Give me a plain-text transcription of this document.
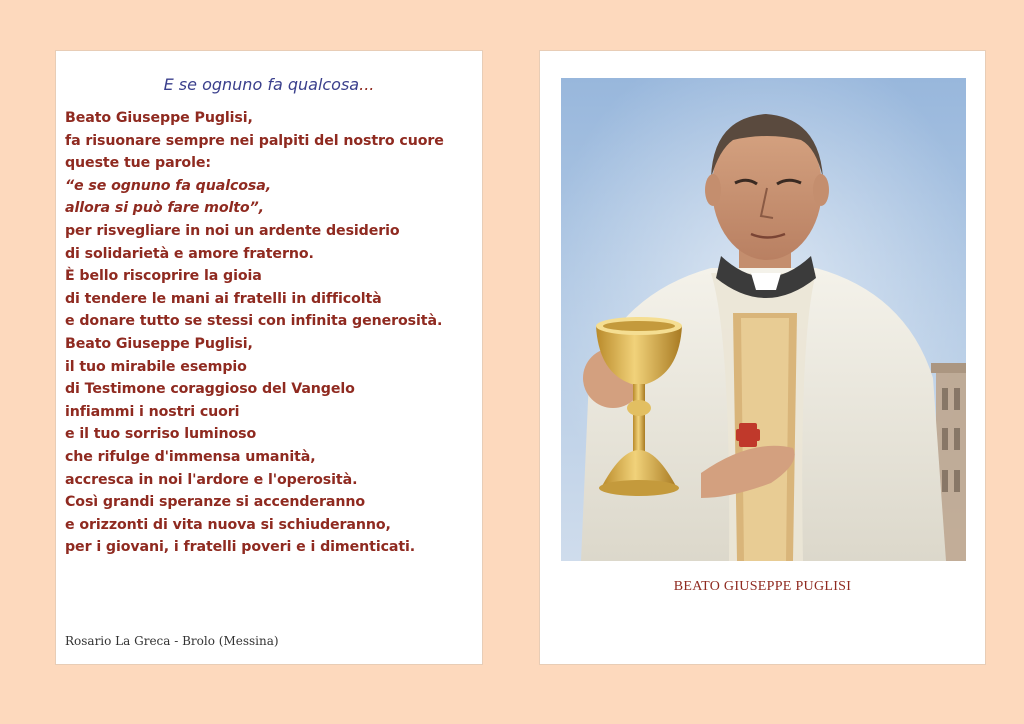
E se ognuno fa qualcosa...
Beato Giuseppe Puglisi,
fa risuonare sempre nei palpiti del nostro cuore
queste tue parole:
“e se ognuno fa qualcosa,
allora si può fare molto”,
per risvegliare in noi un ardente desiderio
di solidarietà e amore fraterno.
È bello riscoprire la gioia
di tendere le mani ai fratelli in difficoltà
e donare tutto se stessi con infinita generosità.
Beato Giuseppe Puglisi,
il tuo mirabile esempio
di Testimone coraggioso del Vangelo
infiammi i nostri cuori
e il tuo sorriso luminoso
che rifulge d'immensa umanità,
accresca in noi l'ardore e l'operosità.
Così grandi speranze si accenderanno
e orizzonti di vita nuova si schiuderanno,
per i giovani, i fratelli poveri e i dimenticati.
Rosario La Greca - Brolo (Messina)
BEATO GIUSEPPE PUGLISI
